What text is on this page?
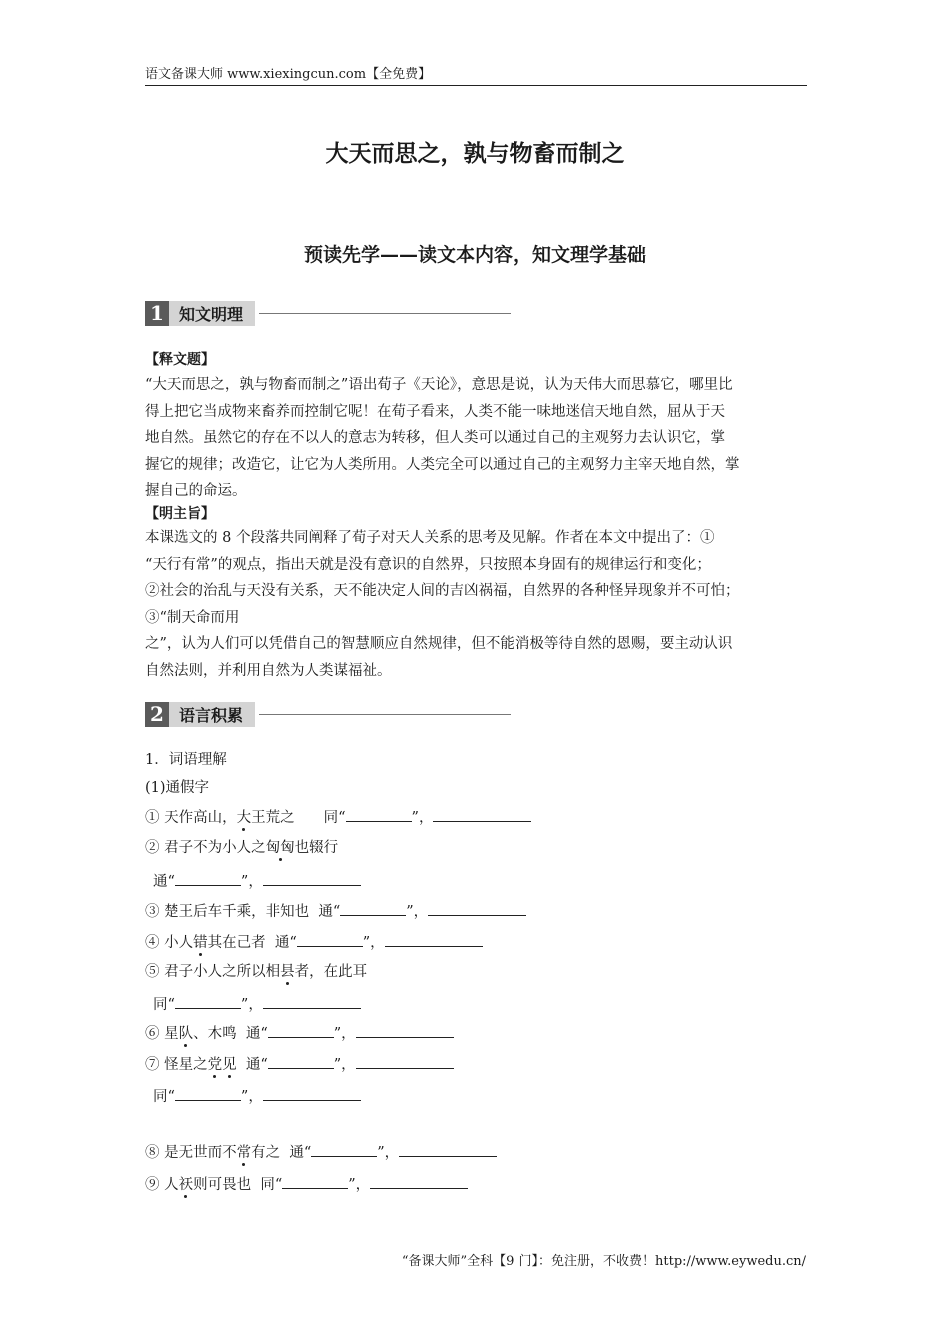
语文备课大师 www.xiexingcun.com【全免费】
大天而思之，孰与物畜而制之
预读先学——读文本内容，知文理学基础
1 知文明理
【释文题】

“大天而思之，孰与物畜而制之”语出荀子《天论》，意思是说，认为天伟大而思慕它，哪里比

得上把它当成物来畜养而控制它呢！在荀子看来，人类不能一味地迷信天地自然，屈从于天

地自然。虽然它的存在不以人的意志为转移，但人类可以通过自己的主观努力去认识它，掌

握它的规律；改造它，让它为人类所用。人类完全可以通过自己的主观努力主宰天地自然，掌

握自己的命运。

【明主旨】

本课选文的 8 个段落共同阐释了荀子对天人关系的思考及见解。作者在本文中提出了：①

“天行有常”的观点，指出天就是没有意识的自然界，只按照本身固有的规律运行和变化；

②社会的治乱与天没有关系，天不能决定人间的吉凶祸福，自然界的各种怪异现象并不可怕；

③“制天命而用

之”，认为人们可以凭借自己的智慧顺应自然规律，但不能消极等待自然的恩赐，要主动认识

自然法则，并利用自然为人类谋福祉。

2 语言积累
1．词语理解
(1)通假字
① 天作高山，大王荒之　　同“	”，
② 君子不为小人之匈匈也辍行
通“	”，
③ 楚王后车千乘，非知也  通“	”，
④ 小人错其在己者  通“	”，
⑤ 君子小人之所以相县者，在此耳
同“	”，
⑥ 星队、木鸣  通“	”，
⑦ 怪星之党见  通“	”，
同“	”，
⑧ 是无世而不常有之  通“	”，
⑨ 人祆则可畏也  同“	”，
“备课大师”全科【9 门】：免注册，不收费！http://www.eywedu.cn/
